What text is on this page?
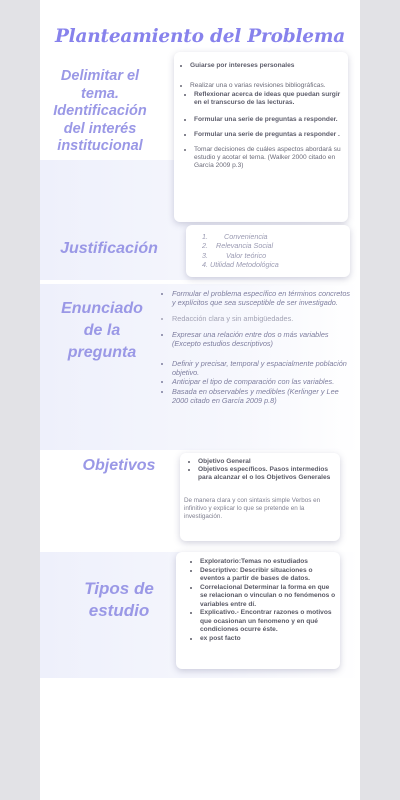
Planteamiento del Problema
Delimitar el tema. Identificación del interés institucional
• Guiarse por intereses personales
• Realizar una o varias revisiones bibliográficas.
• Reflexionar acerca de ideas que puedan surgir en el transcurso de las lecturas.
• Formular una serie de preguntas a responder.
• Formular una serie de preguntas a responder .
• Tomar decisiones de cuáles aspectos abordará su estudio y acotar el tema. (Walker 2000 citado en García 2009 p.3)
Justificación
1. Conveniencia
2. Relevancia Social
3. Valor teórico
4. Utilidad Metodológica
Enunciado de la pregunta
• Formular el problema específico en términos concretos y explícitos que sea susceptible de ser investigado.
• Redacción clara y sin ambigüedades.
• Expresar una relación entre dos o más variables (Excepto estudios descriptivos)
• Definir y precisar, temporal y espacialmente población objetivo.
• Anticipar el tipo de comparación con las variables.
• Basada en observables y medibles (Kerlinger y Lee 2000 citado en García 2009 p.8)
Objetivos
•	Objetivo General
• Objetivos específicos. Pasos intermedios para alcanzar el o los Objetivos Generales

De manera clara y con sintaxis simple Verbos en infinitivo y explicar lo que se pretende en la investigación.

Tipos de estudio
• Exploratorio:Temas no estudiados
• Descriptivo: Describir situaciones o eventos a partir de bases de datos.
• Correlacional Determinar la forma en que se relacionan o vinculan o no fenómenos o variables entre dí.
• Explicativo.- Encontrar razones o motivos que ocasionan un fenomeno y en qué condiciones ocurre éste.
• ex post facto
